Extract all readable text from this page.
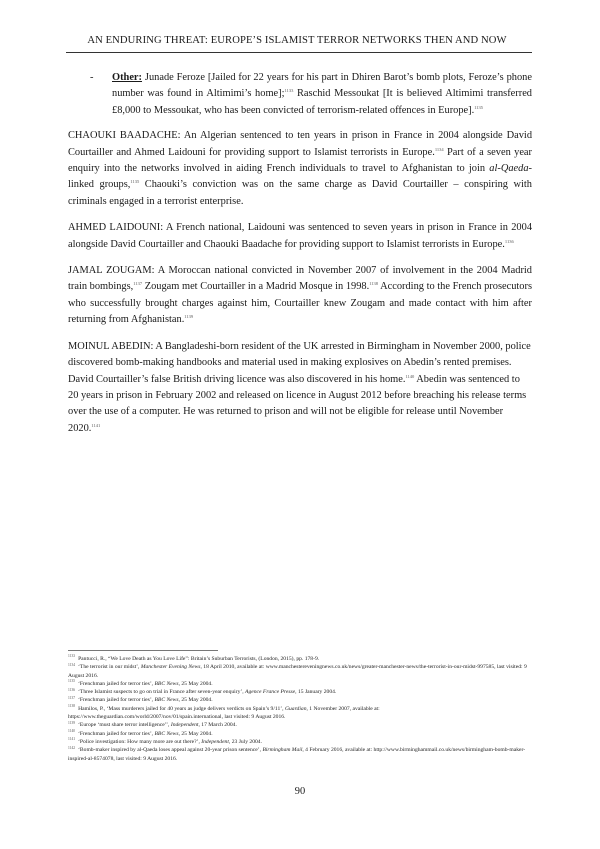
AN ENDURING THREAT: EUROPE’S ISLAMIST TERROR NETWORKS THEN AND NOW
-	Other: Junade Feroze [Jailed for 22 years for his part in Dhiren Barot’s bomb plots, Feroze’s phone number was found in Altimimi’s home];$^{1133}$ Raschid Messoukat [It is believed Altimimi transferred £8,000 to Messoukat, who has been convicted of terrorism-related offences in Europe].$^{1135}$

CHAOUKI BAADACHE: An Algerian sentenced to ten years in prison in France in 2004 alongside David Courtailler and Ahmed Laidouni for providing support to Islamist terrorists in Europe.$^{1134}$ Part of a seven year enquiry into the networks involved in aiding French individuals to travel to Afghanistan to join al-Qaeda-linked groups,$^{1135}$ Chaouki’s conviction was on the same charge as David Courtailler – conspiring with criminals engaged in a terrorist enterprise.

AHMED LAIDOUNI: A French national, Laidouni was sentenced to seven years in prison in France in 2004 alongside David Courtailler and Chaouki Baadache for providing support to Islamist terrorists in Europe.$^{1136}$

JAMAL ZOUGAM: A Moroccan national convicted in November 2007 of involvement in the 2004 Madrid train bombings,$^{1137}$ Zougam met Courtailler in a Madrid Mosque in 1998.$^{1138}$ According to the French prosecutors who successfully brought charges against him, Courtailler knew Zougam and made contact with him after returning from Afghanistan.$^{1139}$

MOINUL ABEDIN: A Bangladeshi-born resident of the UK arrested in Birmingham in November 2000, police discovered bomb-making handbooks and material used in making explosives on Abedin’s rented premises. David Courtailler’s false British driving licence was also discovered in his home.$^{1140}$ Abedin was sentenced to 20 years in prison in February 2002 and released on licence in August 2012 before breaching his release terms over the use of a computer. He was returned to prison and will not be eligible for release until November 2020.$^{1141}$

$^{1133}$ Pantucci, R., “We Love Death as You Love Life”: Britain’s Suburban Terrorists, (London, 2015), pp. 178-9.

$^{1134}$ ‘The terrorist in our midst’, Manchester Evening News, 18 April 2010, available at: www.manchestereveningnews.co.uk/news/greater-manchester-news/the-terrorist-in-our-midst-997585, last visited: 9 August 2016.

$^{1135}$ ‘Frenchman jailed for terror ties’, BBC News, 25 May 2004.

$^{1136}$ ‘Three Islamist suspects to go on trial in France after seven-year enquiry’, Agence France Presse, 15 January 2004.

$^{1137}$ ‘Frenchman jailed for terror ties’, BBC News, 25 May 2004.

$^{1138}$ Hamilos, P., ‘Mass murderers jailed for 40 years as judge delivers verdicts on Spain’s 9/11’, Guardian, 1 November 2007, available at: https://www.theguardian.com/world/2007/nov/01/spain.international, last visited: 9 August 2016.

$^{1139}$ ‘Europe ‘must share terror intelligence’’, Independent, 17 March 2004.

$^{1140}$ ‘Frenchman jailed for terror ties’, BBC News, 25 May 2004.

$^{1141}$ ‘Police investigation: How many more are out there?’, Independent, 23 July 2004.

$^{1142}$ ‘Bomb-maker inspired by al-Qaeda loses appeal against 20-year prison sentence’, Birmingham Mail, 4 February 2016, available at: http://www.birminghammail.co.uk/news/birmingham-bomb-maker-inspired-al-8574078, last visited: 9 August 2016.

90
